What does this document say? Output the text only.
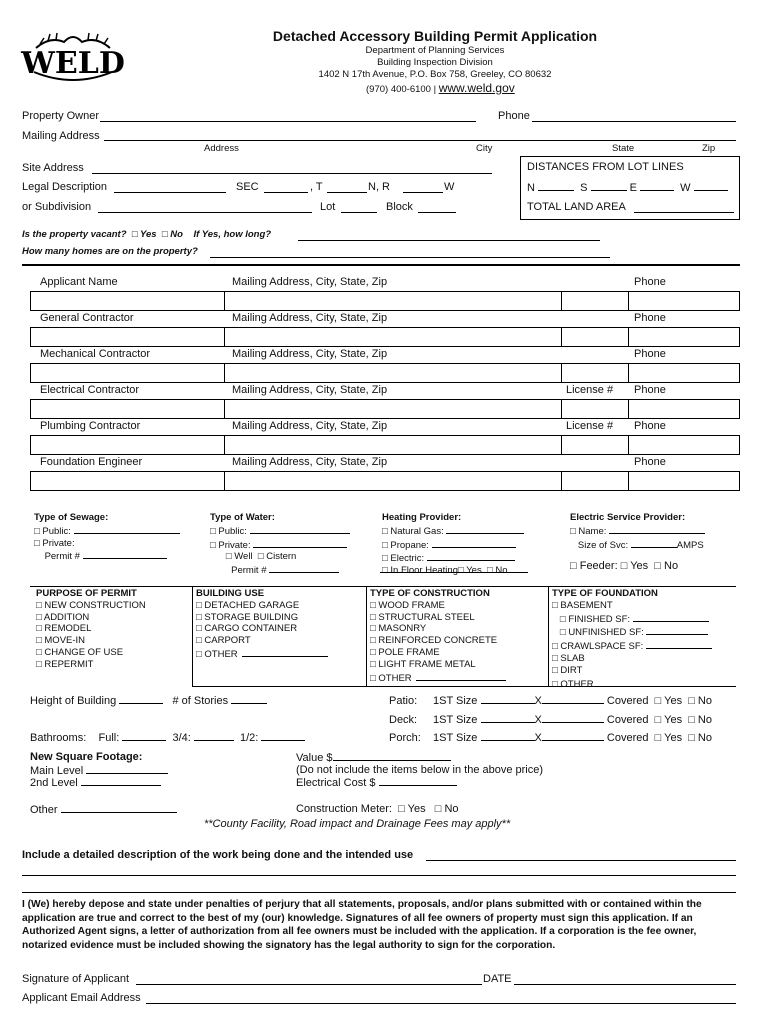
WELD
Detached Accessory Building Permit Application
Department of Planning Services
Building Inspection Division
1402 N 17th Avenue, P.O. Box 758, Greeley, CO 80632
(970) 400-6100 | www.weld.gov
Property Owner	Phone
Mailing Address
Address	City	State	Zip
Site Address
Legal Description	SEC	, T	N, R	W
or Subdivision	Lot	Block
DISTANCES FROM LOT LINES
N	S	E	W
TOTAL LAND AREA
Is the property vacant? □ Yes □ No If Yes, how long?
How many homes are on the property?
Applicant Name	Mailing Address, City, State, Zip	Phone
General Contractor	Mailing Address, City, State, Zip	Phone
Mechanical Contractor	Mailing Address, City, State, Zip	Phone
Electrical Contractor	Mailing Address, City, State, Zip	License # Phone
Plumbing Contractor	Mailing Address, City, State, Zip	License # Phone
Foundation Engineer	Mailing Address, City, State, Zip	Phone
Type of Sewage:
□ Public:
□ Private:
Permit #
Type of Water:
□ Public:
□ Private:
□ Well □ Cistern
Permit #
Heating Provider:
□ Natural Gas:
□ Propane:
□ Electric:
□ In Floor Heating□ Yes □ No
Electric Service Provider:
□ Name:
Size of Svc:	AMPS
□ Feeder: □ Yes □ No
PURPOSE OF PERMIT
□ NEW CONSTRUCTION
□ ADDITION
□ REMODEL
□ MOVE-IN
□ CHANGE OF USE
□ REPERMIT
BUILDING USE
□ DETACHED GARAGE
□ STORAGE BUILDING
□ CARGO CONTAINER
□ CARPORT
□ OTHER
TYPE OF CONSTRUCTION
□ WOOD FRAME
□ STRUCTURAL STEEL
□ MASONRY
□ REINFORCED CONCRETE
□ POLE FRAME
□ LIGHT FRAME METAL
□ OTHER
TYPE OF FOUNDATION
□ BASEMENT
□ FINISHED SF:
□ UNFINISHED SF:
□ CRAWLSPACE SF:
□ SLAB
□ DIRT
□ OTHER
Height of Building	# of Stories
Bathrooms: Full:	3/4:	1/2:
Patio: 1ST Size	X	Covered □ Yes □ No
Deck: 1ST Size	X	Covered □ Yes □ No
Porch: 1ST Size	X	Covered □ Yes □ No
New Square Footage:
Main Level
2nd Level
Value $
(Do not include the items below in the above price)
Electrical Cost $
Other	Construction Meter: □ Yes □ No
**County Facility, Road impact and Drainage Fees may apply**
Include a detailed description of the work being done and the intended use
I (We) hereby depose and state under penalties of perjury that all statements, proposals, and/or plans submitted with or contained within the application are true and correct to the best of my (our) knowledge. Signatures of all fee owners of property must sign this application. If an Authorized Agent signs, a letter of authorization from all fee owners must be included with the application. If a corporation is the fee owner, notarized evidence must be included showing the signatory has the legal authority to sign for the corporation.
Signature of Applicant	DATE
Applicant Email Address
